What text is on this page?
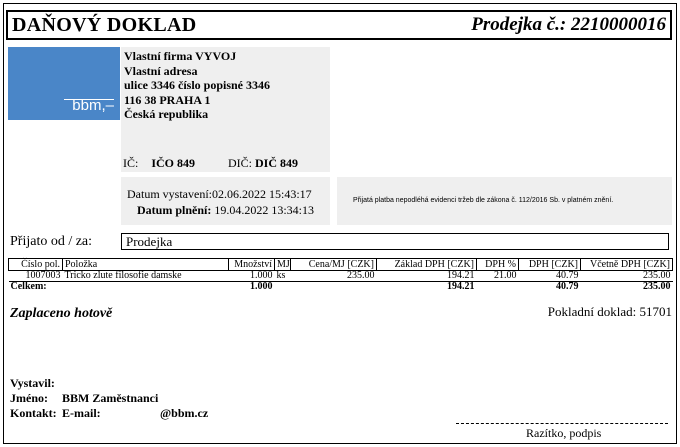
DAŇOVÝ DOKLAD	Prodejka č.: 2210000016
bbm,–
Vlastní firma VYVOJ
Vlastní adresa
ulice 3346 číslo popisné 3346
116 38 PRAHA 1
Česká republika
IČ: IČO 849	DIČ: DIČ 849
Datum vystavení:02.06.2022 15:43:17
Datum plnění: 19.04.2022 13:34:13
Přijatá platba nepodléhá evidenci tržeb dle zákona č. 112/2016 Sb. v platném znění.
Přijato od / za:	Prodejka
Číslo pol.	Položka	Množství	MJ	Cena/MJ [CZK]	Základ DPH [CZK]	DPH %	DPH [CZK]	Včetně DPH [CZK]
1007003	Tricko zlute filosofie damske	1.000	ks	235.00	194.21	21.00	40.79	235.00
Celkem:		1.000			194.21		40.79	235.00
Zaplaceno hotově	Pokladní doklad: 51701
Vystavil:
Jméno: BBM Zaměstnanci
Kontakt: E-mail:	@bbm.cz
Razítko, podpis
